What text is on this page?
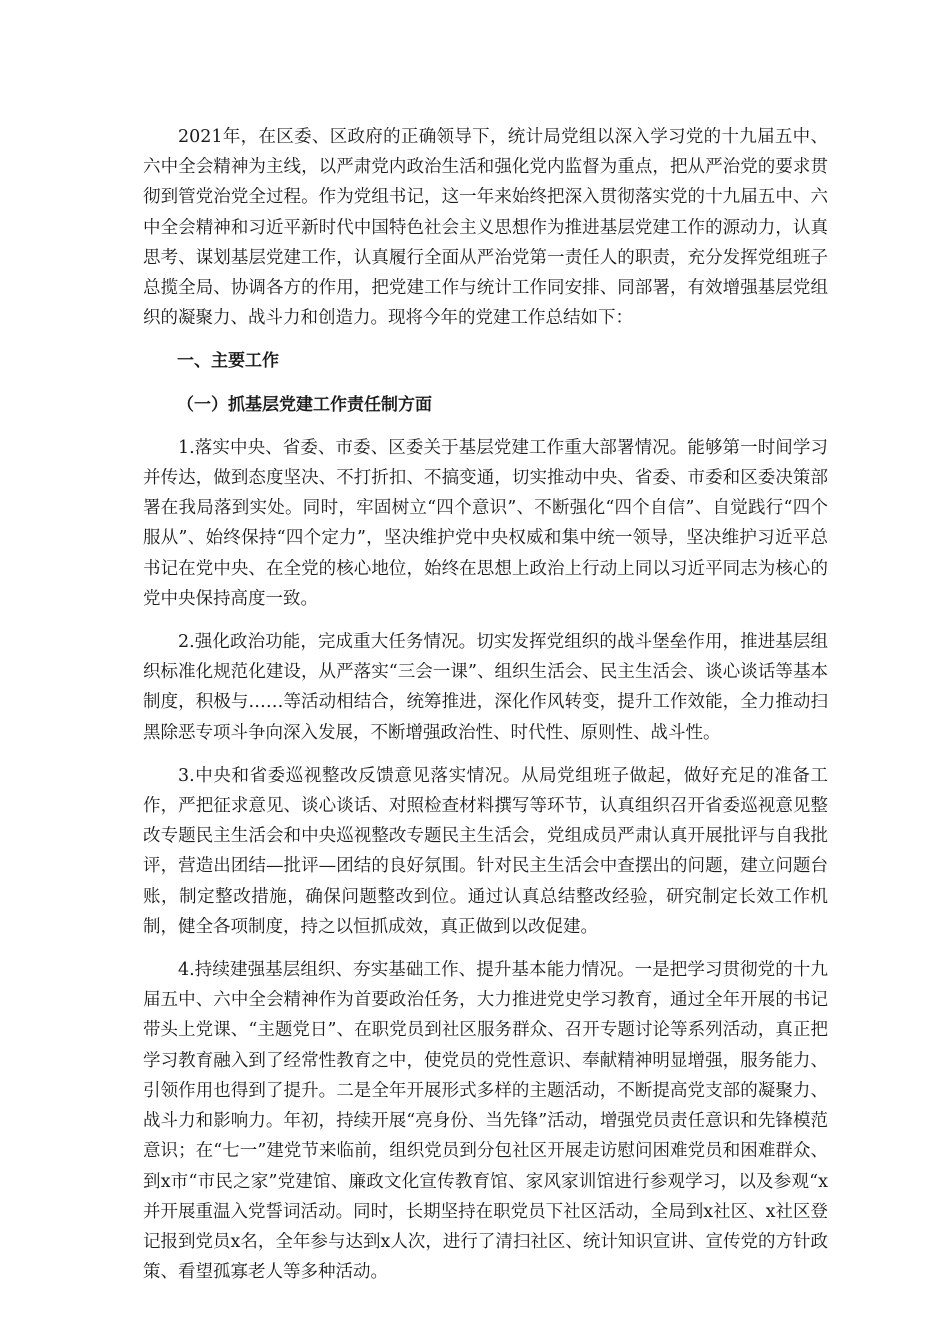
2021年，在区委、区政府的正确领导下，统计局党组以深入学习党的十九届五中、六中全会精神为主线，以严肃党内政治生活和强化党内监督为重点，把从严治党的要求贯彻到管党治党全过程。作为党组书记，这一年来始终把深入贯彻落实党的十九届五中、六中全会精神和习近平新时代中国特色社会主义思想作为推进基层党建工作的源动力，认真思考、谋划基层党建工作，认真履行全面从严治党第一责任人的职责，充分发挥党组班子总揽全局、协调各方的作用，把党建工作与统计工作同安排、同部署，有效增强基层党组织的凝聚力、战斗力和创造力。现将今年的党建工作总结如下：

一、主要工作

（一）抓基层党建工作责任制方面

1.落实中央、省委、市委、区委关于基层党建工作重大部署情况。能够第一时间学习并传达，做到态度坚决、不打折扣、不搞变通，切实推动中央、省委、市委和区委决策部署在我局落到实处。同时，牢固树立“四个意识”、不断强化“四个自信”、自觉践行“四个服从”、始终保持“四个定力”，坚决维护党中央权威和集中统一领导，坚决维护习近平总书记在党中央、在全党的核心地位，始终在思想上政治上行动上同以习近平同志为核心的党中央保持高度一致。

2.强化政治功能，完成重大任务情况。切实发挥党组织的战斗堡垒作用，推进基层组织标准化规范化建设，从严落实“三会一课”、组织生活会、民主生活会、谈心谈话等基本制度，积极与……等活动相结合，统筹推进，深化作风转变，提升工作效能，全力推动扫黑除恶专项斗争向深入发展，不断增强政治性、时代性、原则性、战斗性。

3.中央和省委巡视整改反馈意见落实情况。从局党组班子做起，做好充足的准备工作，严把征求意见、谈心谈话、对照检查材料撰写等环节，认真组织召开省委巡视意见整改专题民主生活会和中央巡视整改专题民主生活会，党组成员严肃认真开展批评与自我批评，营造出团结—批评—团结的良好氛围。针对民主生活会中查摆出的问题，建立问题台账，制定整改措施，确保问题整改到位。通过认真总结整改经验，研究制定长效工作机制，健全各项制度，持之以恒抓成效，真正做到以改促建。

4.持续建强基层组织、夯实基础工作、提升基本能力情况。一是把学习贯彻党的十九届五中、六中全会精神作为首要政治任务，大力推进党史学习教育，通过全年开展的书记带头上党课、“主题党日”、在职党员到社区服务群众、召开专题讨论等系列活动，真正把学习教育融入到了经常性教育之中，使党员的党性意识、奉献精神明显增强，服务能力、引领作用也得到了提升。二是全年开展形式多样的主题活动，不断提高党支部的凝聚力、战斗力和影响力。年初，持续开展“亮身份、当先锋”活动，增强党员责任意识和先锋模范意识；在“七一”建党节来临前，组织党员到分包社区开展走访慰问困难党员和困难群众、到x市“市民之家”党建馆、廉政文化宣传教育馆、家风家训馆进行参观学习，以及参观“x并开展重温入党誓词活动。同时，长期坚持在职党员下社区活动，全局到x社区、x社区登记报到党员x名，全年参与达到x人次，进行了清扫社区、统计知识宣讲、宣传党的方针政策、看望孤寡老人等多种活动。
